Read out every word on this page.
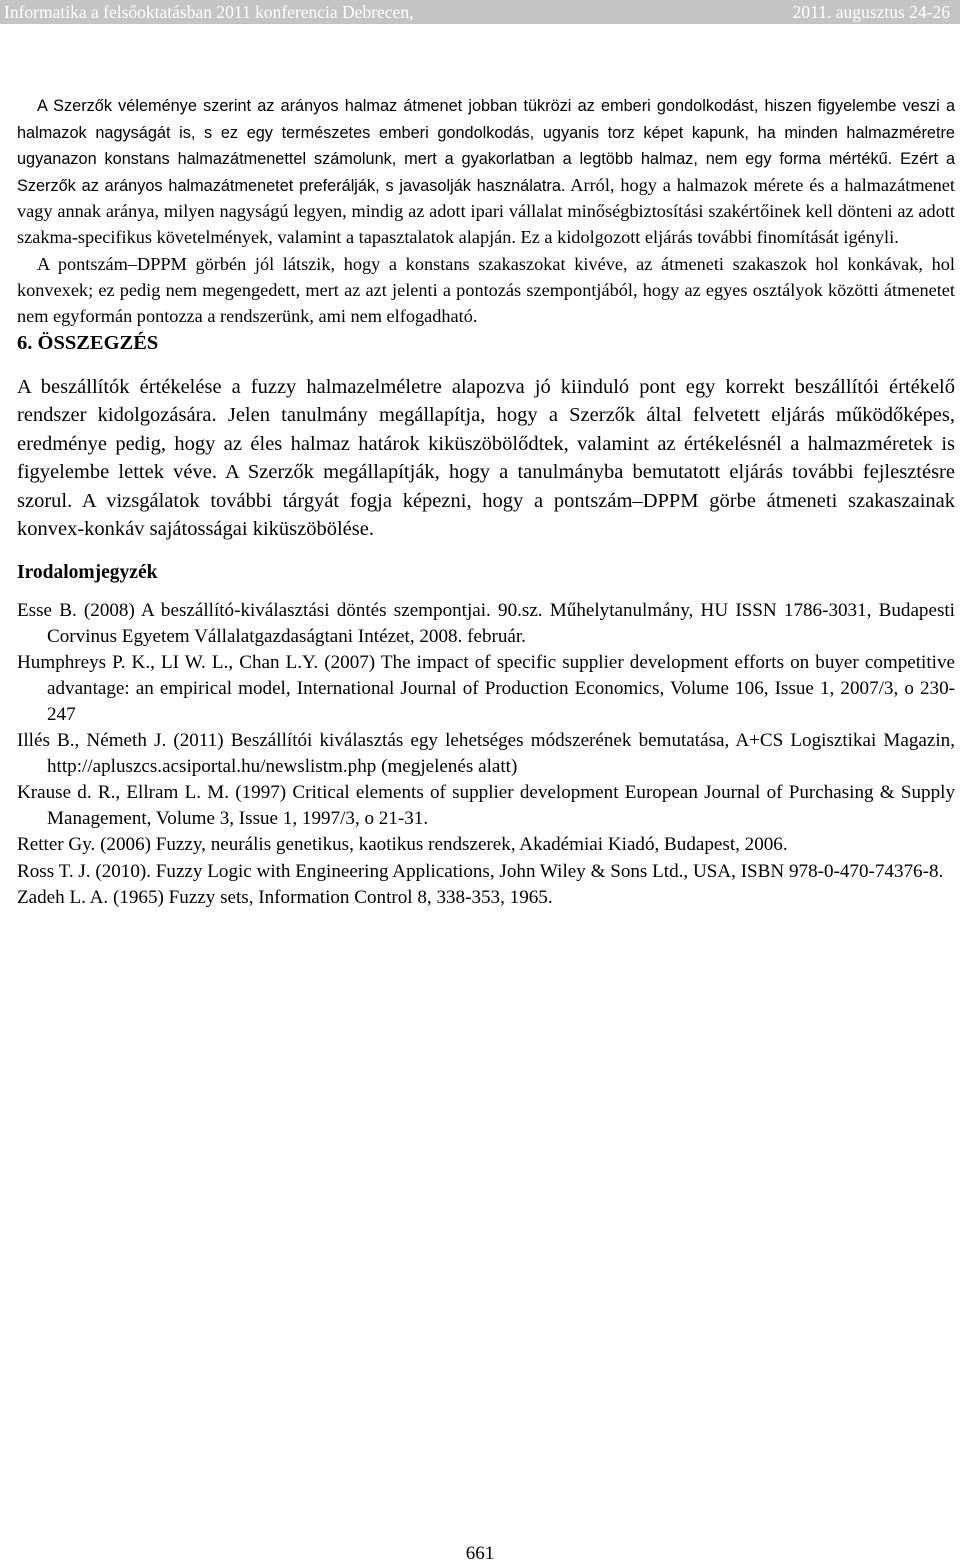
Informatika a felsőoktatásban 2011 konferencia Debrecen,	2011. augusztus 24-26

A Szerzők véleménye szerint az arányos halmaz átmenet jobban tükrözi az emberi gondolkodást, hiszen figyelembe veszi a halmazok nagyságát is, s ez egy természetes emberi gondolkodás, ugyanis torz képet kapunk, ha minden halmazméretre ugyanazon konstans halmazátmenettel számolunk, mert a gyakorlatban a legtöbb halmaz, nem egy forma mértékű. Ezért a Szerzők az arányos halmazátmenetet preferálják, s javasolják használatra. Arról, hogy a halmazok mérete és a halmazátmenet vagy annak aránya, milyen nagyságú legyen, mindig az adott ipari vállalat minőségbiztosítási szakértőinek kell dönteni az adott szakma-specifikus követelmények, valamint a tapasztalatok alapján. Ez a kidolgozott eljárás további finomítását igényli.

A pontszám–DPPM görbén jól látszik, hogy a konstans szakaszokat kivéve, az átmeneti szakaszok hol konkávak, hol konvexek; ez pedig nem megengedett, mert az azt jelenti a pontozás szempontjából, hogy az egyes osztályok közötti átmenetet nem egyformán pontozza a rendszerünk, ami nem elfogadható.

6. ÖSSZEGZÉS

A beszállítók értékelése a fuzzy halmazelméletre alapozva jó kiinduló pont egy korrekt beszállítói értékelő rendszer kidolgozására. Jelen tanulmány megállapítja, hogy a Szerzők által felvetett eljárás működőképes, eredménye pedig, hogy az éles halmaz határok kiküszöbölődtek, valamint az értékelésnél a halmazméretek is figyelembe lettek véve. A Szerzők megállapítják, hogy a tanulmányba bemutatott eljárás további fejlesztésre szorul. A vizsgálatok további tárgyát fogja képezni, hogy a pontszám–DPPM görbe átmeneti szakaszainak konvex-konkáv sajátosságai kiküszöbölése.

Irodalomjegyzék
Esse B. (2008) A beszállító-kiválasztási döntés szempontjai. 90.sz. Műhelytanulmány, HU ISSN 1786-3031, Budapesti Corvinus Egyetem Vállalatgazdaságtani Intézet, 2008. február.
Humphreys P. K., LI W. L., Chan L.Y. (2007) The impact of specific supplier development efforts on buyer competitive advantage: an empirical model, International Journal of Production Economics, Volume 106, Issue 1, 2007/3, o 230-247
Illés B., Németh J. (2011) Beszállítói kiválasztás egy lehetséges módszerének bemutatása, A+CS Logisztikai Magazin, http://apluszcs.acsiportal.hu/newslistm.php (megjelenés alatt)
Krause d. R., Ellram L. M. (1997) Critical elements of supplier development European Journal of Purchasing & Supply Management, Volume 3, Issue 1, 1997/3, o 21-31.
Retter Gy. (2006) Fuzzy, neurális genetikus, kaotikus rendszerek, Akadémiai Kiadó, Budapest, 2006.
Ross T. J. (2010). Fuzzy Logic with Engineering Applications, John Wiley & Sons Ltd., USA, ISBN 978-0-470-74376-8.
Zadeh L. A. (1965) Fuzzy sets, Information Control 8, 338-353, 1965.
661
